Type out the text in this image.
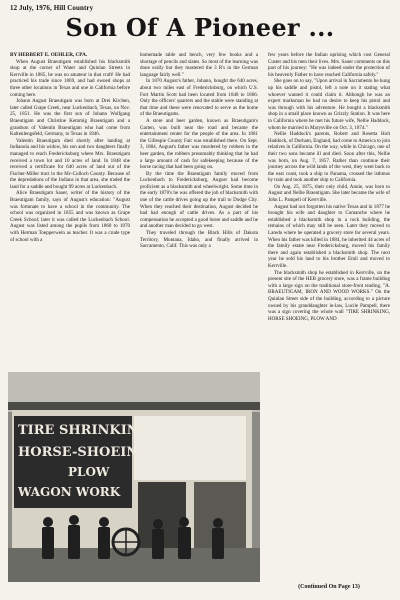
12 July, 1976, Hill Country
Son Of A Pioneer ...

BY HERBERT E. OEHLER, CPA.

When August Braeutigam established his blacksmith shop at the corner of Water and Quinlan Streets in Kerrville in 1885, he was no amateur in that craft! He had practiced his trade since 1869, and had owned shops at three other locations in Texas and one in California before coming here.

Johann August Braeutigam was born at Drei Kirchen, later called Grape Creek, near Luckenbach, Texas, on Nov. 25, 1851. He was the first son of Johann Wolfgang Braeutigam and Christine Kemmig Braeutigam and a grandson of Valentin Braeutigam who had come from Kaltenlengsfeld, Germany, to Texas in 1846.

Valentin Braeutigam died shortly after landing at Indianola and his widow, his son and two daughters finally managed to reach Fredericksburg where Mrs. Braeutigam received a town lot and 10 acres of land. In 1848 she received a certificate for 640 acres of land out of the Fischer-Miller tract in the Mc-Culloch County. Because of the depredations of the Indians in that area, she traded the land for a saddle and bought 99 acres at Luckenbach.

Alice Braeutigam Sauer, writer of the history of the Braeutigam family, says of August's education: "August was fortunate to have a school in the community. The school was organized in 1855 and was known as Grape Creek School; later it was called the Luckenbach School. August was listed among the pupils from 1860 to 1870 with Herman Toepperwein as teacher. It was a crude type of school with a

homemade table and bench, very few books and a shortage of pencils and slates. So most of the learning was done orally but they mastered the 3 R's in the German language fairly well."

In 1870 August's father, Johann, bought the 640 acres, about two miles east of Fredericksburg, on which U.S. Fort Martin Scott had been located from 1848 to 1866. Only the officers' quarters and the stable were standing at that time and these were renovated to serve as the home of the Braeutigams.

A store and beer garden, known as Braeutigam's Garten, was built near the road and became the entertainment center for the people of the area. In 1881 the Gillespie County Fair was established there. On Sept. 3, 1884, August's father was murdered by robbers in the beer garden, the robbers presumably thinking that he had a large amount of cash for safekeeping because of the horse racing that had been going on.

By the time the Braeutigam family moved from Luckenbach to Fredericksburg, August had become proficient as a blacksmith and wheelwright. Some time in the early 1870's he was offered the job of blacksmith with one of the cattle drives going up the trail to Dodge City. When they reached their destination, August decided he had had enough of cattle drives. As a part of his compensation he accepted a good horse and saddle and he and another man decided to go west.

They traveled through the Black Hills of Dakota Territory, Montana, Idaho, and finally arrived in Sacramento, Calif. This was only a

few years before the Indian uprising which cost General Custer and his men their lives. Mrs. Sauer comments on this part of his journey: "He was indeed under the protection of his heavenly Father to have reached California safely."

She goes on to say, "Upon arrival in Sacramento he hung up his saddle and pistol, left a note on it stating what whoever wanted it could claim it. Although he was an expert marksman he had no desire to keep his pistol and was through with his adventure. He bought a blacksmith shop in a small place known as Grizzly Station. It was here in California where he met his future wife, Nellie Haddock, whom he married in Marysville on Oct. 3, 1874."

Nellie Haddock's parents, Robert and Rosetta Holt Haddock, of Durham, England, had come to America to join relatives in California. On the way, while in Chicago, one of their two sons became ill and died. Soon after this, Nellie was born, on Aug. 7, 1857. Rather than continue their journey across the wild lands of the west, they went back to the east coast, took a ship to Panama, crossed the isthmus by train and took another ship to California.

On Aug. 25, 1875, their only child, Annie, was born to August and Nellie Braeutigam. She later became the wife of John L. Pampell of Kerrville.

August had not forgotten his native Texas and in 1877 he brought his wife and daughter to Comanche where he established a blacksmith shop in a rock building, the remains of which may still be seen. Later they moved to Laredo where he operated a grocery store for several years. When his father was killed in 1884, he inherited 44 acres of the family estate near Fredericksburg, moved his family there and again established a blacksmith shop. The next year he sold his land to his brother Emil and moved to Kerrville.

The blacksmith shop he established in Kerrville, on the present site of the HEB grocery store, was a frame building with a large sign on the traditional store-front reading, "A. BRAEUTIGAM, IRON AND WOOD WORKS." On the Quinlan Street side of the building, according to a picture owned by his granddaughter in-law, Lucile Pampell, there was a sign covering the whole wall "TIRE SHRINKING, HORSE SHOEING, PLOW AND

(Continued On Page 13)
TIRE SHRINKING
HORSE-SHOEING
PLOW
WAGON WORK
